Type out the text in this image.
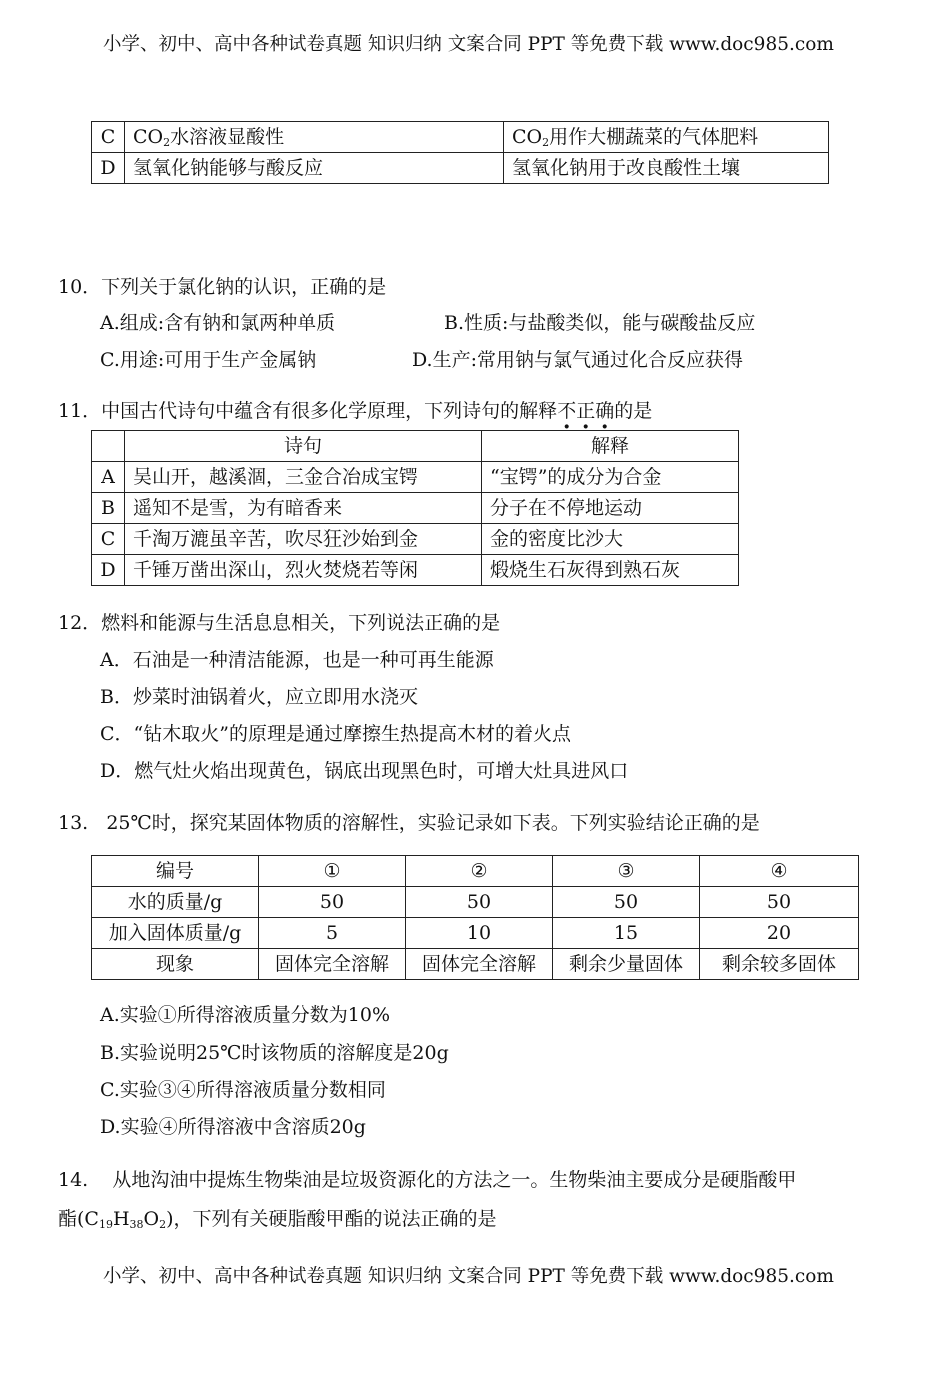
小学、初中、高中各种试卷真题 知识归纳 文案合同 PPT 等免费下载 www.doc985.com
C	$CO_2$水溶液显酸性	$CO_2$用作大棚蔬菜的气体肥料
D	氢氧化钠能够与酸反应	氢氧化钠用于改良酸性土壤
10．下列关于氯化钠的认识，正确的是
A.组成:含有钠和氯两种单质	B.性质:与盐酸类似，能与碳酸盐反应
C.用途:可用于生产金属钠	D.生产:常用钠与氯气通过化合反应获得
11．中国古代诗句中蕴含有很多化学原理，下列诗句的解释不正确的是
	诗句	解释
A	吴山开，越溪涸，三金合冶成宝锷	“宝锷”的成分为合金
B	遥知不是雪，为有暗香来	分子在不停地运动
C	千淘万漉虽辛苦，吹尽狂沙始到金	金的密度比沙大
D	千锤万凿出深山，烈火焚烧若等闲	煅烧生石灰得到熟石灰
12．燃料和能源与生活息息相关，下列说法正确的是
A．石油是一种清洁能源，也是一种可再生能源
B．炒菜时油锅着火，应立即用水浇灭
C．“钻木取火”的原理是通过摩擦生热提高木材的着火点
D．燃气灶火焰出现黄色，锅底出现黑色时，可增大灶具进风口
13.   25℃时，探究某固体物质的溶解性，实验记录如下表。下列实验结论正确的是
编号	①	②	③	④
水的质量/g	50	50	50	50
加入固体质量/g	5	10	15	20
现象	固体完全溶解	固体完全溶解	剩余少量固体	剩余较多固体
A.实验①所得溶液质量分数为10%
B.实验说明25℃时该物质的溶解度是20g
C.实验③④所得溶液质量分数相同
D.实验④所得溶液中含溶质20g
14.    从地沟油中提炼生物柴油是垃圾资源化的方法之一。生物柴油主要成分是硬脂酸甲
酯$(C_{19}H_{38}O_2)$，下列有关硬脂酸甲酯的说法正确的是
小学、初中、高中各种试卷真题 知识归纳 文案合同 PPT 等免费下载 www.doc985.com
